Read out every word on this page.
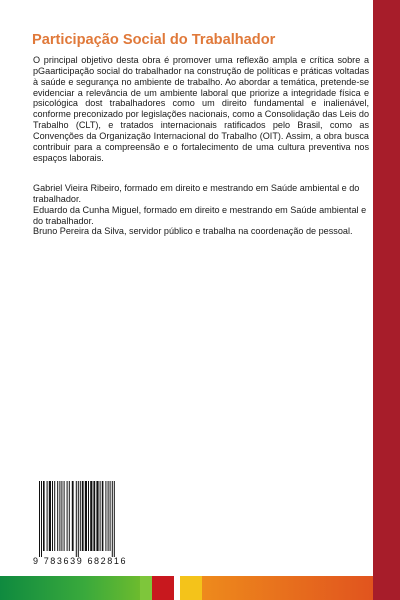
Participação Social do Trabalhador

O principal objetivo desta obra é promover uma reflexão ampla e crítica sobre a pGaarticipação social do trabalhador na construção de políticas e práticas voltadas à saúde e segurança no ambiente de trabalho. Ao abordar a temática, pretende-se evidenciar a relevância de um ambiente laboral que priorize a integridade física e psicológica dost trabalhadores como um direito fundamental e inalienável, conforme preconizado por legislações nacionais, como a Consolidação das Leis do Trabalho (CLT), e tratados internacionais ratificados pelo Brasil, como as Convenções da Organização Internacional do Trabalho (OIT). Assim, a obra busca contribuir para a compreensão e o fortalecimento de uma cultura preventiva nos espaços laborais.

Gabriel Vieira Ribeiro, formado em direito e mestrando em Saúde ambiental e do trabalhador.

Eduardo da Cunha Miguel, formado em direito e mestrando em Saúde ambiental e do trabalhador.

Bruno Pereira da Silva, servidor público e trabalha na coordenação de pessoal.

9 783639 682816
